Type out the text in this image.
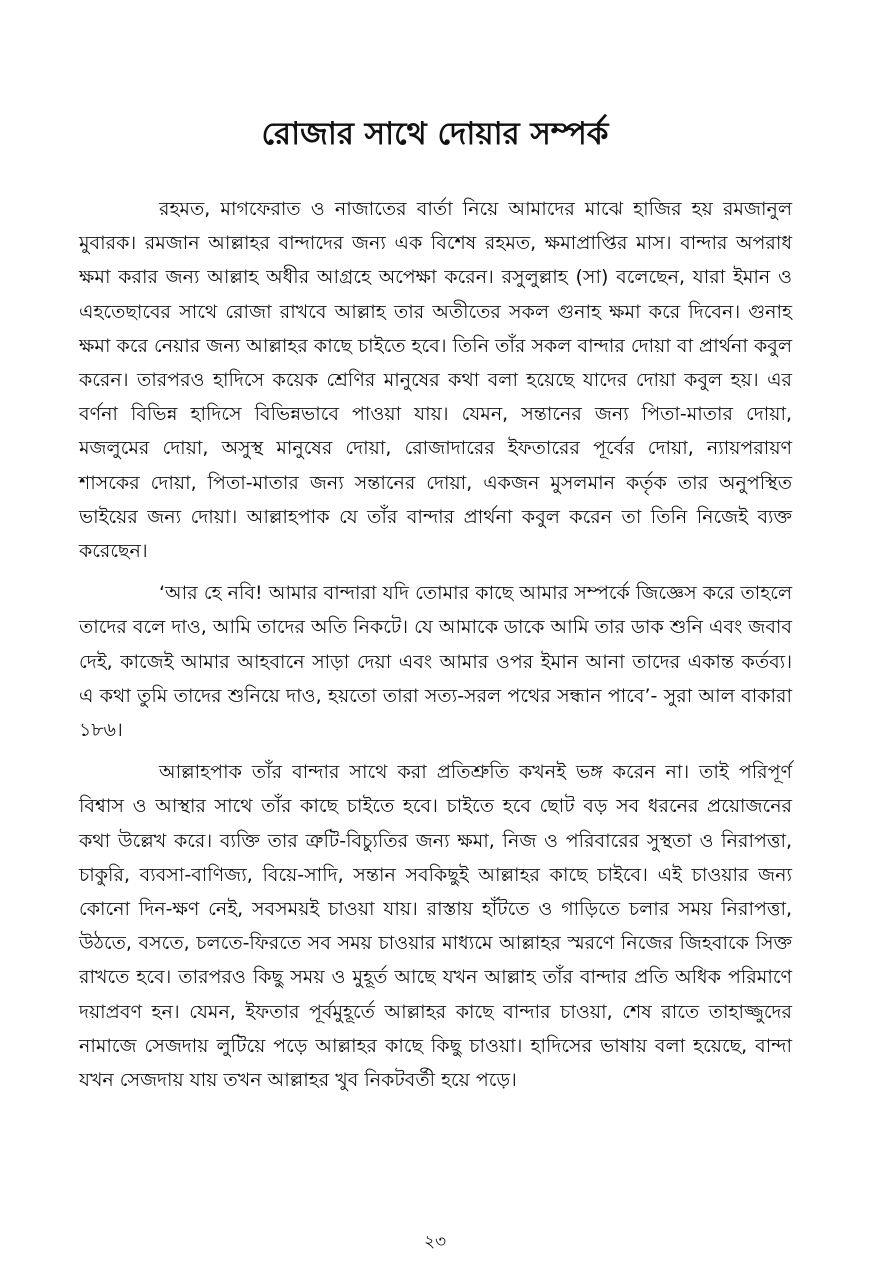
রোজার সাথে দোয়ার সম্পর্ক

রহমত, মাগফেরাত ও নাজাতের বার্তা নিয়ে আমাদের মাঝে হাজির হয় রমজানুল মুবারক। রমজান আল্লাহর বান্দাদের জন্য এক বিশেষ রহমত, ক্ষমাপ্রাপ্তির মাস। বান্দার অপরাধ ক্ষমা করার জন্য আল্লাহ অধীর আগ্রহে অপেক্ষা করেন। রসুলুল্লাহ (সা) বলেছেন, যারা ইমান ও এহতেছাবের সাথে রোজা রাখবে আল্লাহ তার অতীতের সকল গুনাহ ক্ষমা করে দিবেন। গুনাহ ক্ষমা করে নেয়ার জন্য আল্লাহর কাছে চাইতে হবে। তিনি তাঁর সকল বান্দার দোয়া বা প্রার্থনা কবুল করেন। তারপরও হাদিসে কয়েক শ্রেণির মানুষের কথা বলা হয়েছে যাদের দোয়া কবুল হয়। এর বর্ণনা বিভিন্ন হাদিসে বিভিন্নভাবে পাওয়া যায়। যেমন, সন্তানের জন্য পিতা-মাতার দোয়া, মজলুমের দোয়া, অসুস্থ মানুষের দোয়া, রোজাদারের ইফতারের পূর্বের দোয়া, ন্যায়পরায়ণ শাসকের দোয়া, পিতা-মাতার জন্য সন্তানের দোয়া, একজন মুসলমান কর্তৃক তার অনুপস্থিত ভাইয়ের জন্য দোয়া। আল্লাহপাক যে তাঁর বান্দার প্রার্থনা কবুল করেন তা তিনি নিজেই ব্যক্ত করেছেন।

‘আর হে নবি! আমার বান্দারা যদি তোমার কাছে আমার সম্পর্কে জিজ্ঞেস করে তাহলে তাদের বলে দাও, আমি তাদের অতি নিকটে। যে আমাকে ডাকে আমি তার ডাক শুনি এবং জবাব দেই, কাজেই আমার আহবানে সাড়া দেয়া এবং আমার ওপর ইমান আনা তাদের একান্ত কর্তব্য। এ কথা তুমি তাদের শুনিয়ে দাও, হয়তো তারা সত্য-সরল পথের সন্ধান পাবে’- সুরা আল বাকারা ১৮৬।

আল্লাহপাক তাঁর বান্দার সাথে করা প্রতিশ্রুতি কখনই ভঙ্গ করেন না। তাই পরিপূর্ণ বিশ্বাস ও আস্থার সাথে তাঁর কাছে চাইতে হবে। চাইতে হবে ছোট বড় সব ধরনের প্রয়োজনের কথা উল্লেখ করে। ব্যক্তি তার ত্রুটি-বিচ্যুতির জন্য ক্ষমা, নিজ ও পরিবারের সুস্থতা ও নিরাপত্তা, চাকুরি, ব্যবসা-বাণিজ্য, বিয়ে-সাদি, সন্তান সবকিছুই আল্লাহর কাছে চাইবে। এই চাওয়ার জন্য কোনো দিন-ক্ষণ নেই, সবসময়ই চাওয়া যায়। রাস্তায় হাঁটতে ও গাড়িতে চলার সময় নিরাপত্তা, উঠতে, বসতে, চলতে-ফিরতে সব সময় চাওয়ার মাধ্যমে আল্লাহর স্মরণে নিজের জিহবাকে সিক্ত রাখতে হবে। তারপরও কিছু সময় ও মুহূর্ত আছে যখন আল্লাহ তাঁর বান্দার প্রতি অধিক পরিমাণে দয়াপ্রবণ হন। যেমন, ইফতার পূর্বমুহূর্তে আল্লাহর কাছে বান্দার চাওয়া, শেষ রাতে তাহাজ্জুদের নামাজে সেজদায় লুটিয়ে পড়ে আল্লাহর কাছে কিছু চাওয়া। হাদিসের ভাষায় বলা হয়েছে, বান্দা যখন সেজদায় যায় তখন আল্লাহর খুব নিকটবর্তী হয়ে পড়ে।

২৩
